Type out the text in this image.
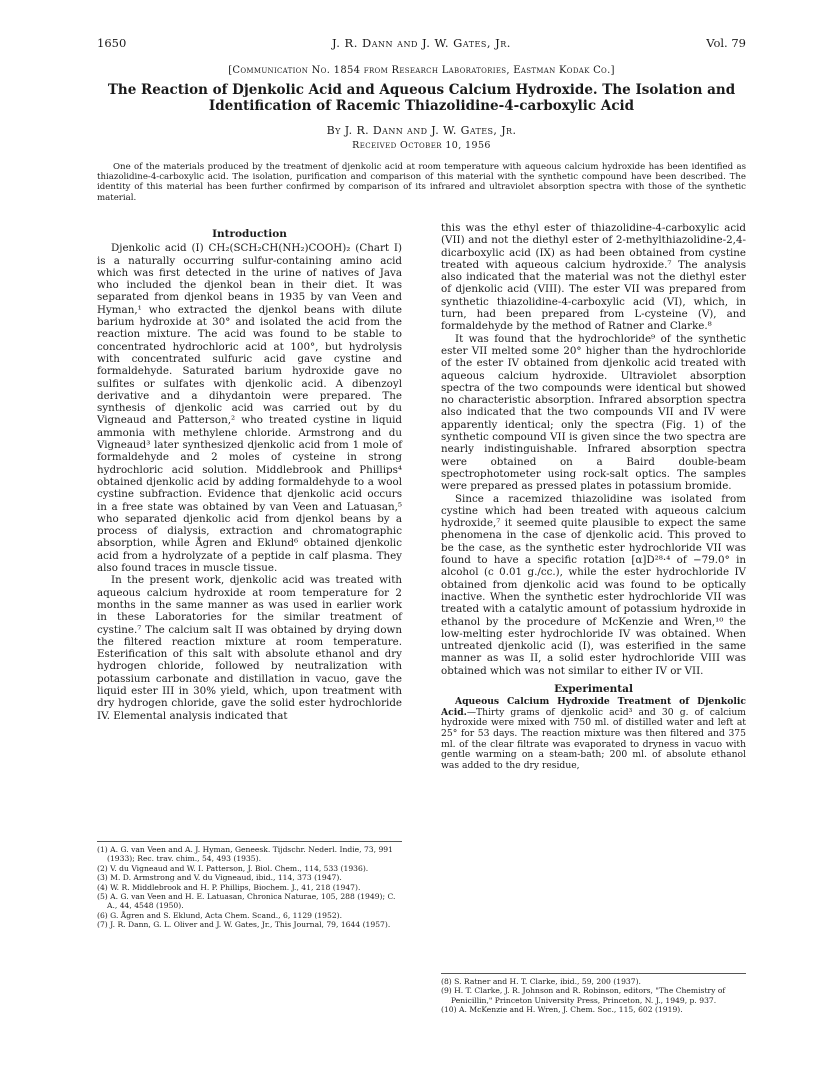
1650	J. R. Dann and J. W. Gates, Jr.	Vol. 79
[Communication No. 1854 from Research Laboratories, Eastman Kodak Co.]
The Reaction of Djenkolic Acid and Aqueous Calcium Hydroxide. The Isolation and
Identification of Racemic Thiazolidine-4-carboxylic Acid
By J. R. Dann and J. W. Gates, Jr.
Received October 10, 1956

One of the materials produced by the treatment of djenkolic acid at room temperature with aqueous calcium hydroxide has been identified as thiazolidine-4-carboxylic acid. The isolation, purification and comparison of this material with the synthetic compound have been described. The identity of this material has been further confirmed by comparison of its infrared and ultraviolet absorption spectra with those of the synthetic material.

Introduction

Djenkolic acid (I) CH₂(SCH₂CH(NH₂)COOH)₂ (Chart I) is a naturally occurring sulfur-containing amino acid which was first detected in the urine of natives of Java who included the djenkol bean in their diet. It was separated from djenkol beans in 1935 by van Veen and Hyman,¹ who extracted the djenkol beans with dilute barium hydroxide at 30° and isolated the acid from the reaction mixture. The acid was found to be stable to concentrated hydrochloric acid at 100°, but hydrolysis with concentrated sulfuric acid gave cystine and formaldehyde. Saturated barium hydroxide gave no sulfites or sulfates with djenkolic acid. A dibenzoyl derivative and a dihydantoin were prepared. The synthesis of djenkolic acid was carried out by du Vigneaud and Patterson,² who treated cystine in liquid ammonia with methylene chloride. Armstrong and du Vigneaud³ later synthesized djenkolic acid from 1 mole of formaldehyde and 2 moles of cysteine in strong hydrochloric acid solution. Middlebrook and Phillips⁴ obtained djenkolic acid by adding formaldehyde to a wool cystine subfraction. Evidence that djenkolic acid occurs in a free state was obtained by van Veen and Latuasan,⁵ who separated djenkolic acid from djenkol beans by a process of dialysis, extraction and chromatographic absorption, while Ågren and Eklund⁶ obtained djenkolic acid from a hydrolyzate of a peptide in calf plasma. They also found traces in muscle tissue.

In the present work, djenkolic acid was treated with aqueous calcium hydroxide at room temperature for 2 months in the same manner as was used in earlier work in these Laboratories for the similar treatment of cystine.⁷ The calcium salt II was obtained by drying down the filtered reaction mixture at room temperature. Esterification of this salt with absolute ethanol and dry hydrogen chloride, followed by neutralization with potassium carbonate and distillation in vacuo, gave the liquid ester III in 30% yield, which, upon treatment with dry hydrogen chloride, gave the solid ester hydrochloride IV. Elemental analysis indicated that

(1) A. G. van Veen and A. J. Hyman, Geneesk. Tijdschr. Nederl. Indie, 73, 991 (1933); Rec. trav. chim., 54, 493 (1935).
(2) V. du Vigneaud and W. I. Patterson, J. Biol. Chem., 114, 533 (1936).
(3) M. D. Armstrong and V. du Vigneaud, ibid., 114, 373 (1947).
(4) W. R. Middlebrook and H. P. Phillips, Biochem. J., 41, 218 (1947).
(5) A. G. van Veen and H. E. Latuasan, Chronica Naturae, 105, 288 (1949); C. A., 44, 4548 (1950).
(6) G. Ågren and S. Eklund, Acta Chem. Scand., 6, 1129 (1952).
(7) J. R. Dann, G. L. Oliver and J. W. Gates, Jr., This Journal, 79, 1644 (1957).

this was the ethyl ester of thiazolidine-4-carboxylic acid (VII) and not the diethyl ester of 2-methylthiazolidine-2,4-dicarboxylic acid (IX) as had been obtained from cystine treated with aqueous calcium hydroxide.⁷ The analysis also indicated that the material was not the diethyl ester of djenkolic acid (VIII). The ester VII was prepared from synthetic thiazolidine-4-carboxylic acid (VI), which, in turn, had been prepared from L-cysteine (V), and formaldehyde by the method of Ratner and Clarke.⁸

It was found that the hydrochloride⁹ of the synthetic ester VII melted some 20° higher than the hydrochloride of the ester IV obtained from djenkolic acid treated with aqueous calcium hydroxide. Ultraviolet absorption spectra of the two compounds were identical but showed no characteristic absorption. Infrared absorption spectra also indicated that the two compounds VII and IV were apparently identical; only the spectra (Fig. 1) of the synthetic compound VII is given since the two spectra are nearly indistinguishable. Infrared absorption spectra were obtained on a Baird double-beam spectrophotometer using rock-salt optics. The samples were prepared as pressed plates in potassium bromide.

Since a racemized thiazolidine was isolated from cystine which had been treated with aqueous calcium hydroxide,⁷ it seemed quite plausible to expect the same phenomena in the case of djenkolic acid. This proved to be the case, as the synthetic ester hydrochloride VII was found to have a specific rotation [α]D²⁸·⁴ of −79.0° in alcohol (c 0.01 g./cc.), while the ester hydrochloride IV obtained from djenkolic acid was found to be optically inactive. When the synthetic ester hydrochloride VII was treated with a catalytic amount of potassium hydroxide in ethanol by the procedure of McKenzie and Wren,¹⁰ the low-melting ester hydrochloride IV was obtained. When untreated djenkolic acid (I), was esterified in the same manner as was II, a solid ester hydrochloride VIII was obtained which was not similar to either IV or VII.

Experimental

Aqueous Calcium Hydroxide Treatment of Djenkolic Acid.—Thirty grams of djenkolic acid³ and 30 g. of calcium hydroxide were mixed with 750 ml. of distilled water and left at 25° for 53 days. The reaction mixture was then filtered and 375 ml. of the clear filtrate was evaporated to dryness in vacuo with gentle warming on a steam-bath; 200 ml. of absolute ethanol was added to the dry residue,

(8) S. Ratner and H. T. Clarke, ibid., 59, 200 (1937).
(9) H. T. Clarke, J. R. Johnson and R. Robinson, editors, "The Chemistry of Penicillin," Princeton University Press, Princeton, N. J., 1949, p. 937.
(10) A. McKenzie and H. Wren, J. Chem. Soc., 115, 602 (1919).
